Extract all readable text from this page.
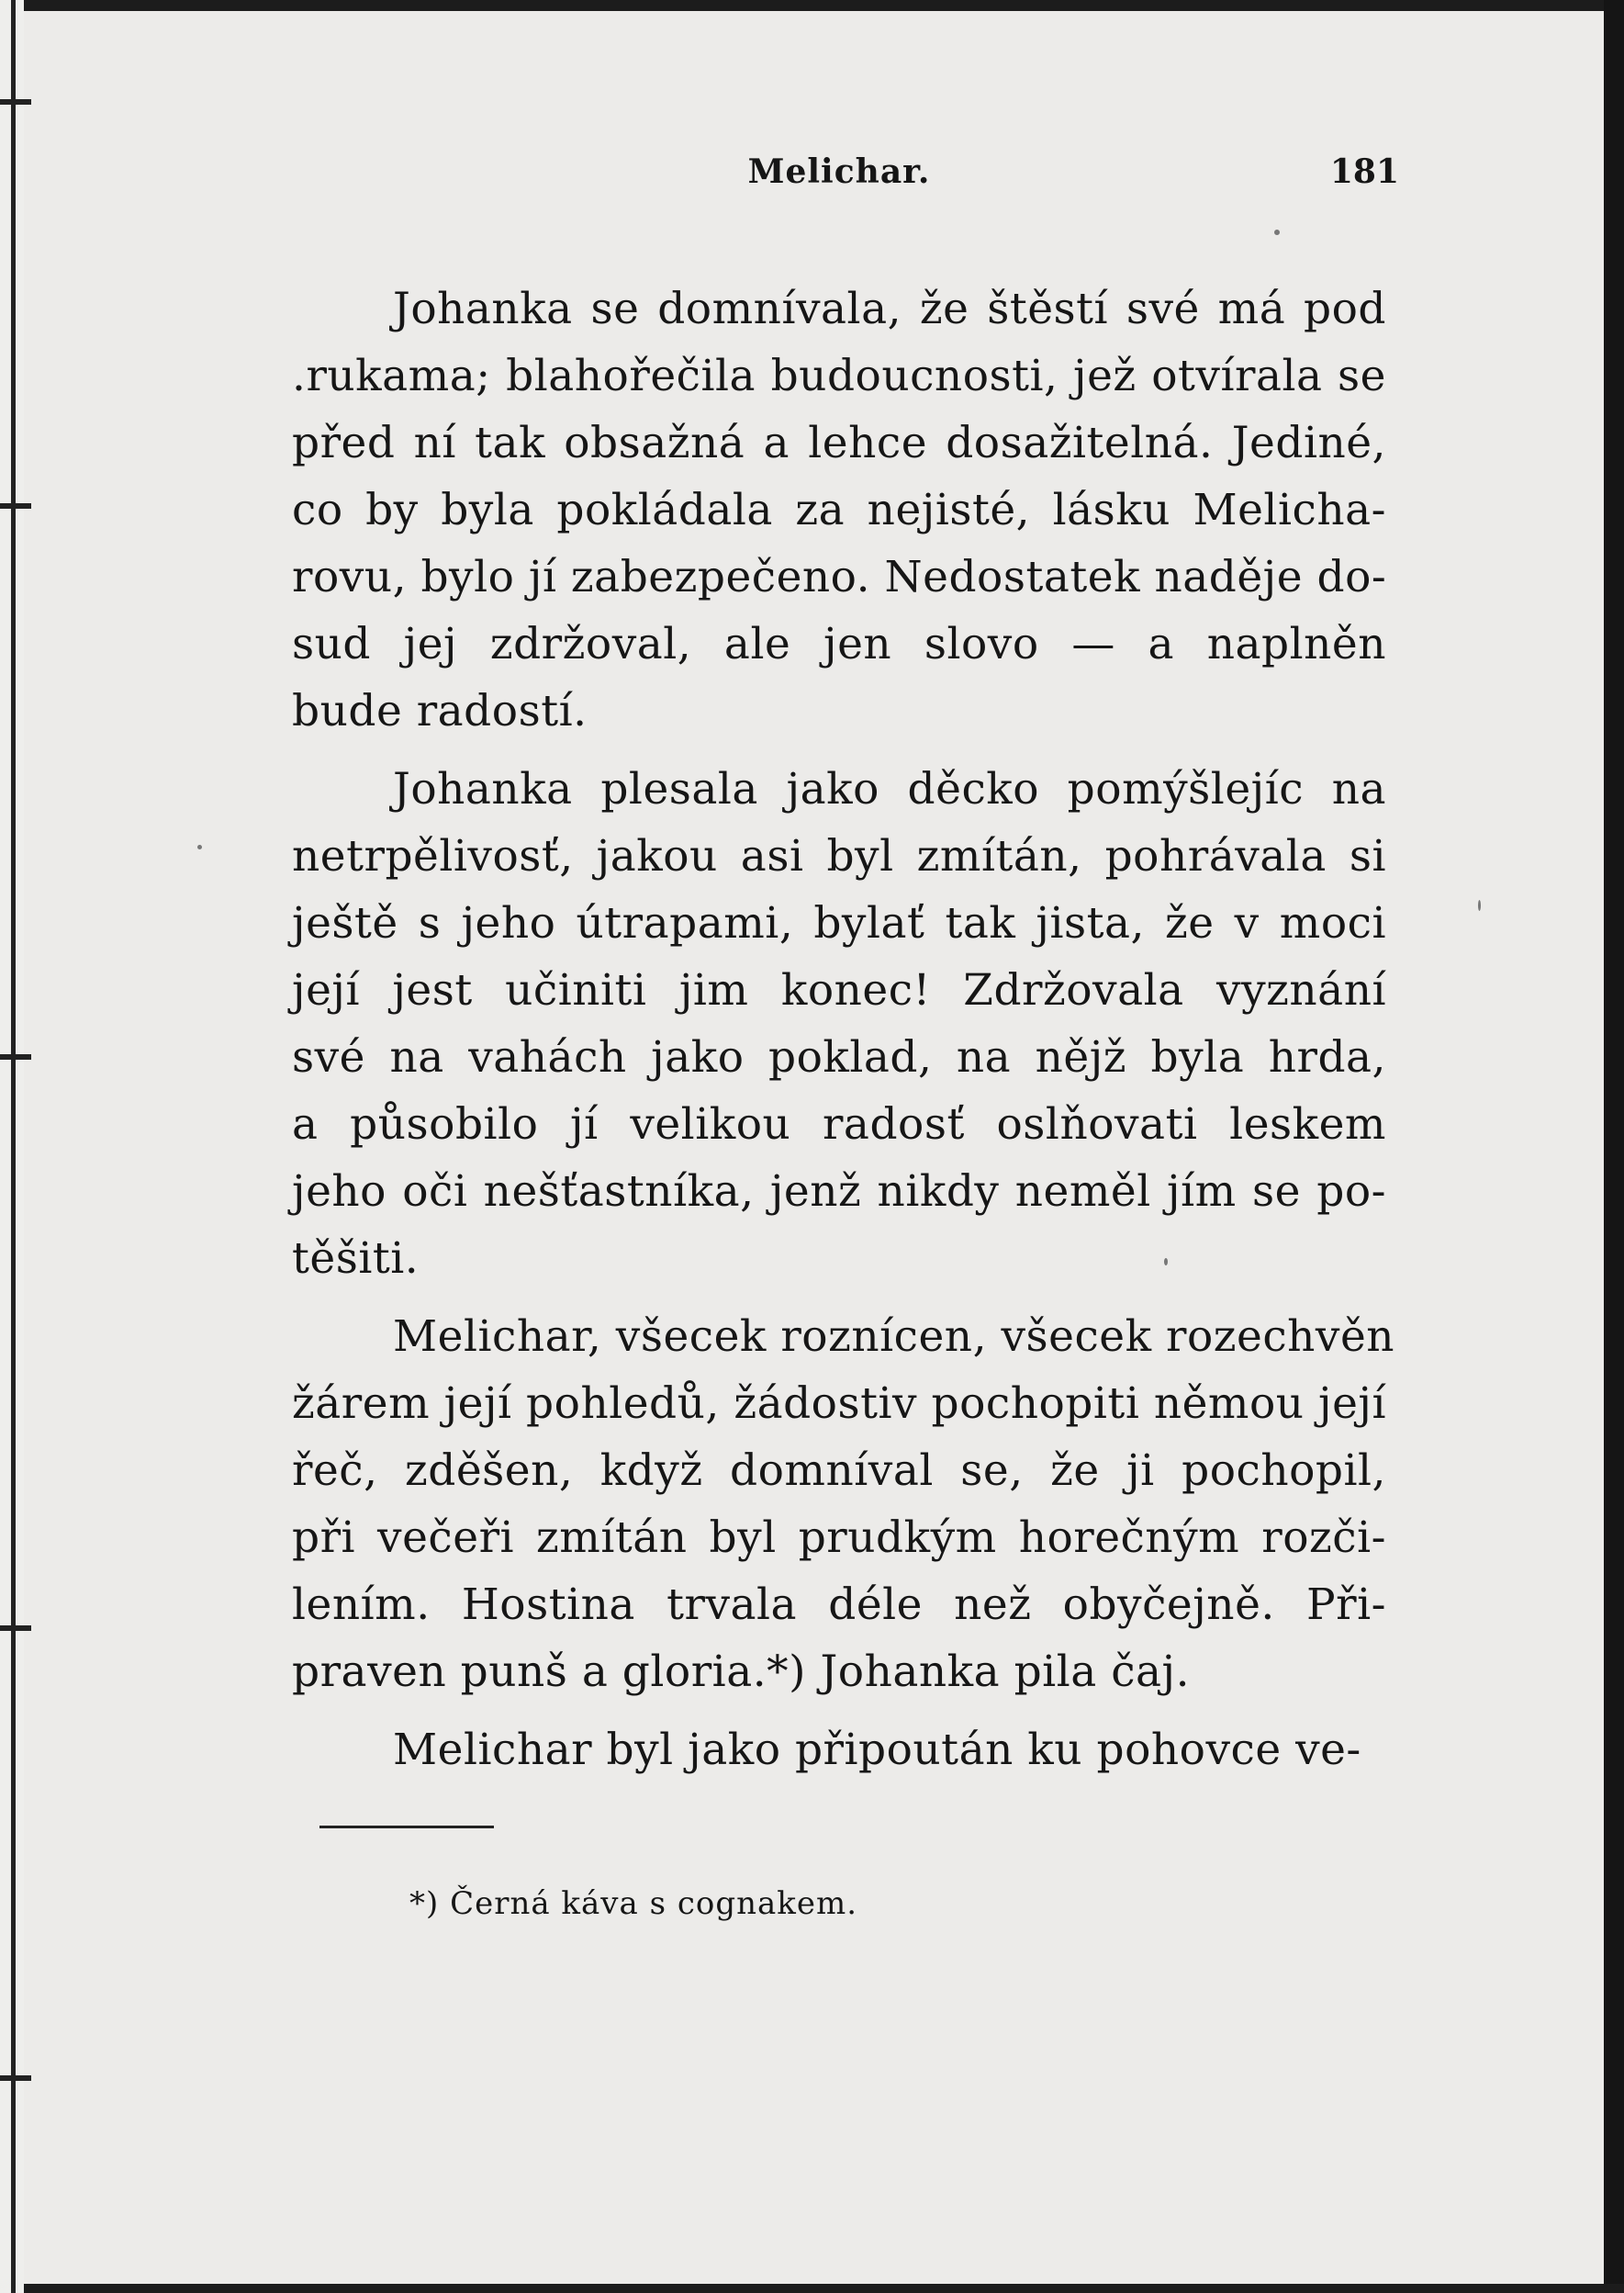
Melichar.	181

Johanka se domnívala, že štěstí své má pod
.rukama; blahořečila budoucnosti, jež otvírala se
před ní tak obsažná a lehce dosažitelná. Jediné,
co by byla pokládala za nejisté, lásku Melicha-
rovu, bylo jí zabezpečeno. Nedostatek naděje do-
sud jej zdržoval, ale jen slovo — a naplněn
bude radostí.

Johanka plesala jako děcko pomýšlejíc na
netrpělivosť, jakou asi byl zmítán, pohrávala si
ještě s jeho útrapami, bylať tak jista, že v moci
její jest učiniti jim konec! Zdržovala vyznání
své na vahách jako poklad, na nějž byla hrda,
a působilo jí velikou radosť oslňovati leskem
jeho oči nešťastníka, jenž nikdy neměl jím se po-
těšiti.

Melichar, všecek roznícen, všecek rozechvěn
žárem její pohledů, žádostiv pochopiti němou její
řeč, zděšen, když domníval se, že ji pochopil,
při večeři zmítán byl prudkým horečným rozči-
lením. Hostina trvala déle než obyčejně. Při-
praven punš a gloria.*) Johanka pila čaj.

Melichar byl jako připoután ku pohovce ve-

*) Černá káva s cognakem.
